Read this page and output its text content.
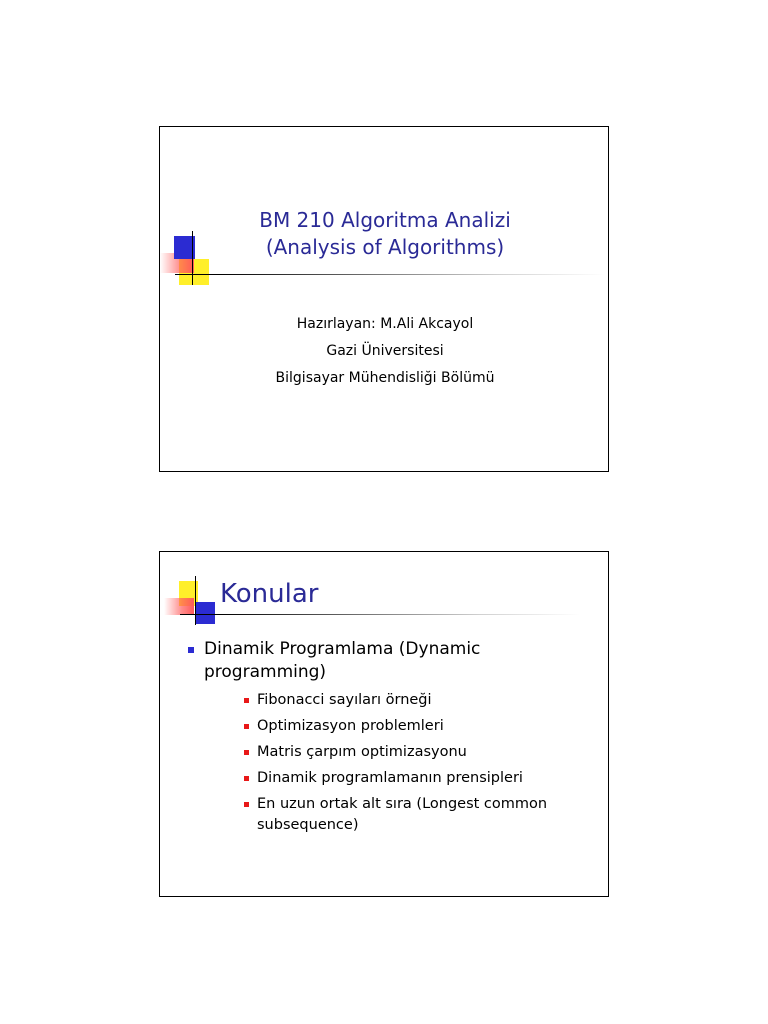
BM 210 Algoritma Analizi
(Analysis of Algorithms)
Hazırlayan: M.Ali Akcayol
Gazi Üniversitesi
Bilgisayar Mühendisliği Bölümü
Konular
Dinamik Programlama (Dynamic programming)
Fibonacci sayıları örneği
Optimizasyon problemleri
Matris çarpım optimizasyonu
Dinamik programlamanın prensipleri
En uzun ortak alt sıra (Longest common subsequence)
